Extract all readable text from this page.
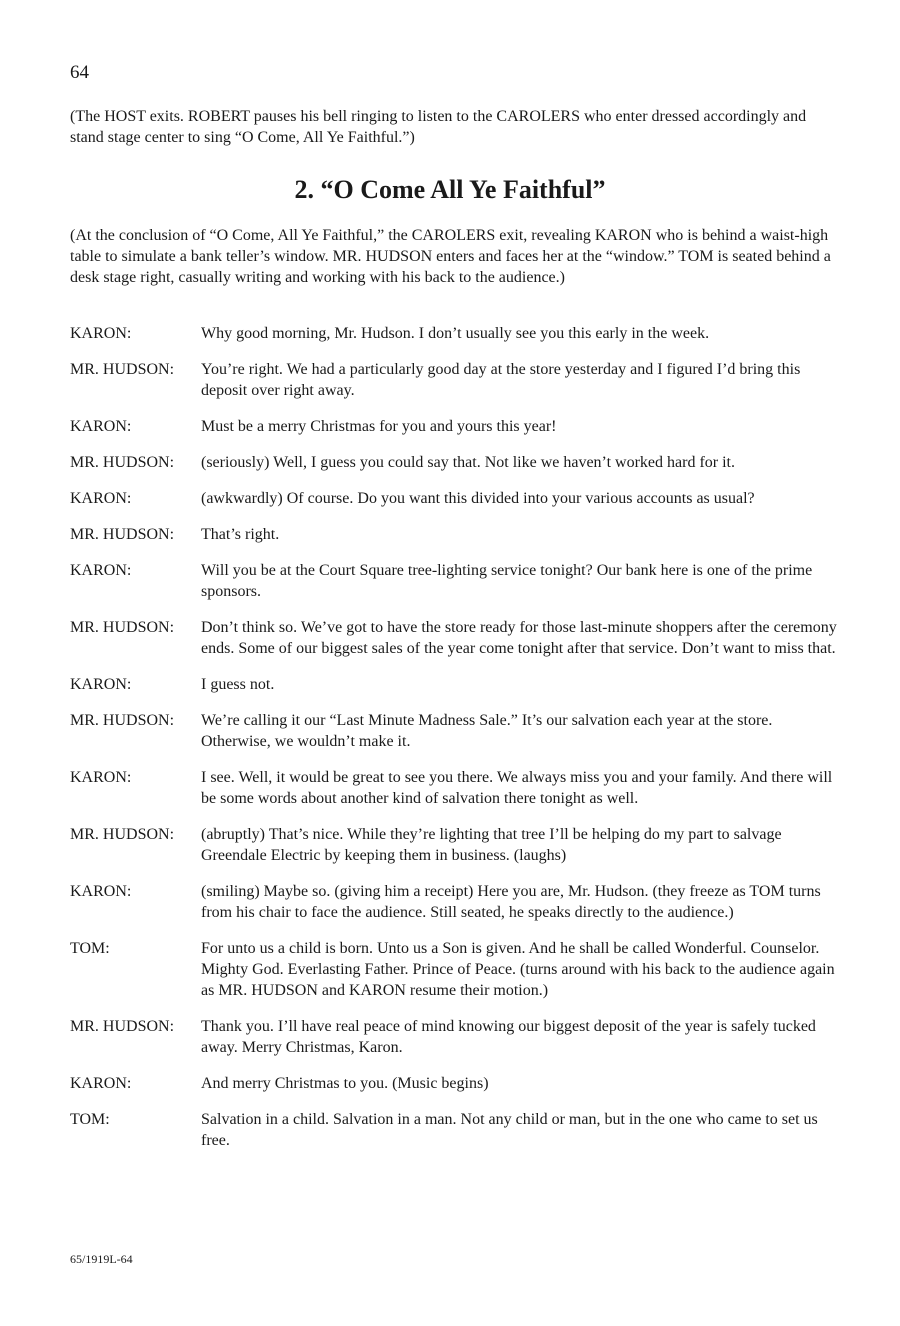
64
(The HOST exits. ROBERT pauses his bell ringing to listen to the CAROLERS who enter dressed accordingly and stand stage center to sing “O Come, All Ye Faithful.”)
2. “O Come All Ye Faithful”
(At the conclusion of “O Come, All Ye Faithful,” the CAROLERS exit, revealing KARON who is behind a waist-high table to simulate a bank teller’s window. MR. HUDSON enters and faces her at the “window.” TOM is seated behind a desk stage right, casually writing and working with his back to the audience.)
KARON:	Why good morning, Mr. Hudson. I don’t usually see you this early in the week.
MR. HUDSON:	You’re right. We had a particularly good day at the store yesterday and I figured I’d bring this deposit over right away.
KARON:	Must be a merry Christmas for you and yours this year!
MR. HUDSON:	(seriously) Well, I guess you could say that. Not like we haven’t worked hard for it.
KARON:	(awkwardly) Of course. Do you want this divided into your various accounts as usual?
MR. HUDSON:	That’s right.
KARON:	Will you be at the Court Square tree-lighting service tonight? Our bank here is one of the prime sponsors.
MR. HUDSON:	Don’t think so. We’ve got to have the store ready for those last-minute shoppers after the ceremony ends. Some of our biggest sales of the year come tonight after that service. Don’t want to miss that.
KARON:	I guess not.
MR. HUDSON:	We’re calling it our “Last Minute Madness Sale.” It’s our salvation each year at the store. Otherwise, we wouldn’t make it.
KARON:	I see. Well, it would be great to see you there. We always miss you and your family. And there will be some words about another kind of salvation there tonight as well.
MR. HUDSON:	(abruptly) That’s nice. While they’re lighting that tree I’ll be helping do my part to salvage Greendale Electric by keeping them in business. (laughs)
KARON:	(smiling) Maybe so. (giving him a receipt) Here you are, Mr. Hudson. (they freeze as TOM turns from his chair to face the audience. Still seated, he speaks directly to the audience.)
TOM:	For unto us a child is born. Unto us a Son is given. And he shall be called Wonderful. Counselor. Mighty God. Everlasting Father. Prince of Peace. (turns around with his back to the audience again as MR. HUDSON and KARON resume their motion.)
MR. HUDSON:	Thank you. I’ll have real peace of mind knowing our biggest deposit of the year is safely tucked away. Merry Christmas, Karon.
KARON:	And merry Christmas to you. (Music begins)
TOM:	Salvation in a child. Salvation in a man. Not any child or man, but in the one who came to set us free.
65/1919L-64
